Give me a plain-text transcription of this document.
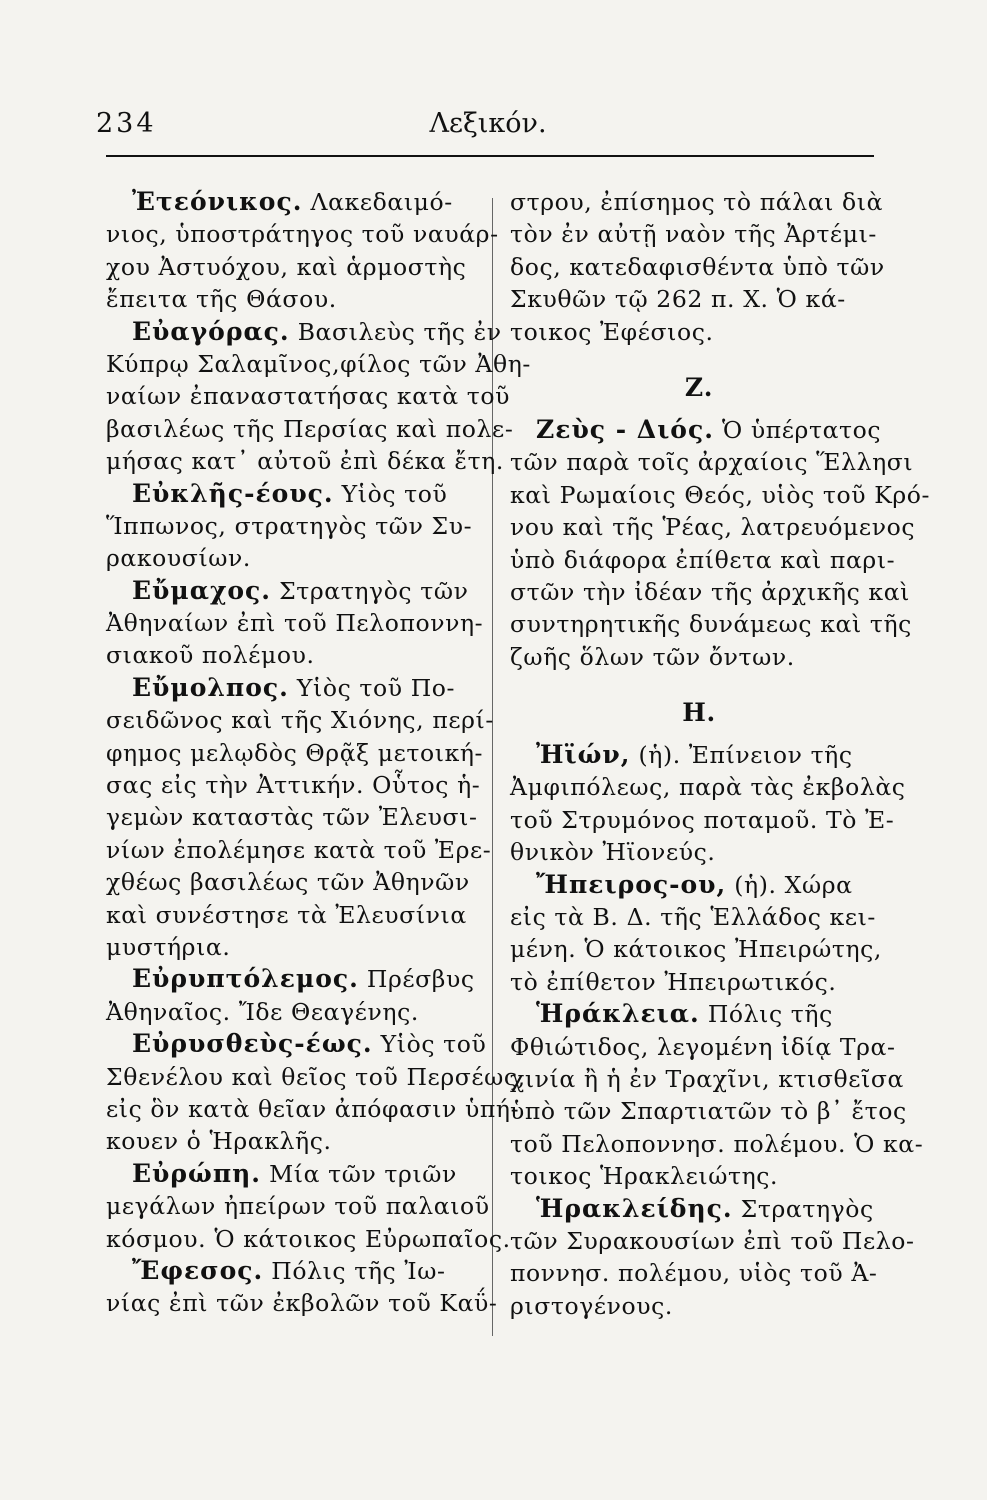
234	Λεξικόν.
Ἐτεόνικος. Λακεδαιμό-
νιος, ὑποστράτηγος τοῦ ναυάρ-
χου Ἀστυόχου, καὶ ἁρμοστὴς
ἔπειτα τῆς Θάσου.
Εὐαγόρας. Βασιλεὺς τῆς ἐν
Κύπρῳ Σαλαμῖνος,φίλος τῶν Ἀθη-
ναίων ἐπαναστατήσας κατὰ τοῦ
βασιλέως τῆς Περσίας καὶ πολε-
μήσας κατ᾿ αὐτοῦ ἐπὶ δέκα ἔτη.
Εὐκλῆς-έους. Υἱὸς τοῦ
Ἵππωνος, στρατηγὸς τῶν Συ-
ρακουσίων.
Εὔμαχος. Στρατηγὸς τῶν
Ἀθηναίων ἐπὶ τοῦ Πελοποννη-
σιακοῦ πολέμου.
Εὔμολπος. Υἱὸς τοῦ Πο-
σειδῶνος καὶ τῆς Χιόνης, περί-
φημος μελῳδὸς Θρᾷξ μετοική-
σας εἰς τὴν Ἀττικήν. Οὗτος ἡ-
γεμὼν καταστὰς τῶν Ἐλευσι-
νίων ἐπολέμησε κατὰ τοῦ Ἐρε-
χθέως βασιλέως τῶν Ἀθηνῶν
καὶ συνέστησε τὰ Ἐλευσίνια
μυστήρια.
Εὐρυπτόλεμος. Πρέσβυς
Ἀθηναῖος. Ἴδε Θεαγένης.
Εὐρυσθεὺς-έως. Υἱὸς τοῦ
Σθενέλου καὶ θεῖος τοῦ Περσέως,
εἰς ὃν κατὰ θεῖαν ἀπόφασιν ὑπή-
κουεν ὁ Ἡρακλῆς.
Εὐρώπη. Μία τῶν τριῶν
μεγάλων ἠπείρων τοῦ παλαιοῦ
κόσμου. Ὁ κάτοικος Εὐρωπαῖος.
Ἔφεσος. Πόλις τῆς Ἰω-
νίας ἐπὶ τῶν ἐκβολῶν τοῦ Καΰ-
στρου, ἐπίσημος τὸ πάλαι διὰ
τὸν ἐν αὐτῇ ναὸν τῆς Ἀρτέμι-
δος, κατεδαφισθέντα ὑπὸ τῶν
Σκυθῶν τῷ 262 π. Χ. Ὁ κά-
τοικος Ἐφέσιος.
Ζ.
Ζεὺς - Διός. Ὁ ὑπέρτατος
τῶν παρὰ τοῖς ἀρχαίοις Ἕλλησι
καὶ Ρωμαίοις Θεός, υἱὸς τοῦ Κρό-
νου καὶ τῆς Ῥέας, λατρευόμενος
ὑπὸ διάφορα ἐπίθετα καὶ παρι-
στῶν τὴν ἰδέαν τῆς ἀρχικῆς καὶ
συντηρητικῆς δυνάμεως καὶ τῆς
ζωῆς ὅλων τῶν ὄντων.
Η.
Ἠϊών, (ἡ). Ἐπίνειον τῆς
Ἀμφιπόλεως, παρὰ τὰς ἐκβολὰς
τοῦ Στρυμόνος ποταμοῦ. Τὸ Ἐ-
θνικὸν Ἠϊονεύς.
Ἤπειρος-ου, (ἡ). Χώρα
εἰς τὰ Β. Δ. τῆς Ἑλλάδος κει-
μένη. Ὁ κάτοικος Ἠπειρώτης,
τὸ ἐπίθετον Ἠπειρωτικός.
Ἡράκλεια. Πόλις τῆς
Φθιώτιδος, λεγομένη ἰδίᾳ Τρα-
χινία ἢ ἡ ἐν Τραχῖνι, κτισθεῖσα
ὑπὸ τῶν Σπαρτιατῶν τὸ β᾿ ἔτος
τοῦ Πελοποννησ. πολέμου. Ὁ κα-
τοικος Ἡρακλειώτης.
Ἡρακλείδης. Στρατηγὸς
τῶν Συρακουσίων ἐπὶ τοῦ Πελο-
ποννησ. πολέμου, υἱὸς τοῦ Ἀ-
ριστογένους.
